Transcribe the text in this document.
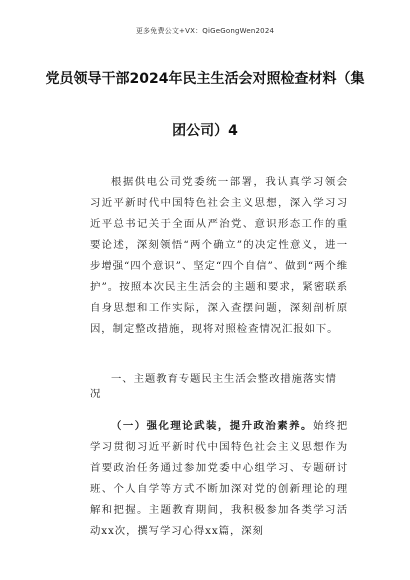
更多免费公文+VX：QiGeGongWen2024
党员领导干部2024年民主生活会对照检查材料（集
团公司）4
根据供电公司党委统一部署，我认真学习领会习近平新时代中国特色社会主义思想，深入学习习近平总书记关于全面从严治党、意识形态工作的重要论述，深刻领悟“两个确立”的决定性意义，进一步增强“四个意识”、坚定“四个自信”、做到“两个维护”。按照本次民主生活会的主题和要求，紧密联系自身思想和工作实际，深入查摆问题，深刻剖析原因，制定整改措施，现将对照检查情况汇报如下。
一、主题教育专题民主生活会整改措施落实情况
（一）强化理论武装，提升政治素养。始终把学习贯彻习近平新时代中国特色社会主义思想作为首要政治任务通过参加党委中心组学习、专题研讨班、个人自学等方式不断加深对党的创新理论的理解和把握。主题教育期间，我积极参加各类学习活动xx次，撰写学习心得xx篇，深刻
